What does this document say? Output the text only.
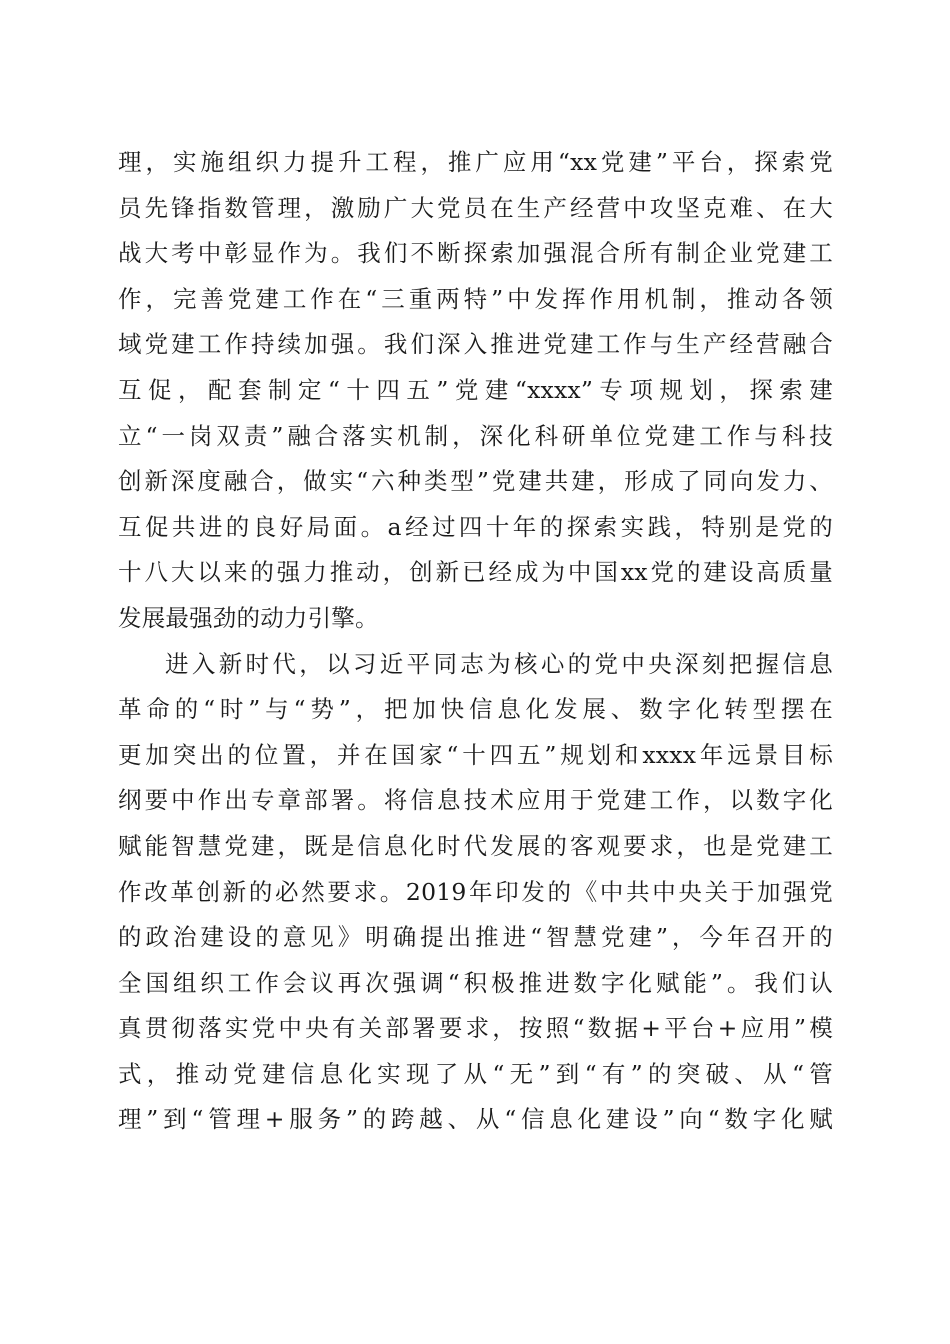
理，实施组织力提升工程，推广应用“xx党建”平台，探索党
员先锋指数管理，激励广大党员在生产经营中攻坚克难、在大
战大考中彰显作为。我们不断探索加强混合所有制企业党建工
作，完善党建工作在“三重两特”中发挥作用机制，推动各领
域党建工作持续加强。我们深入推进党建工作与生产经营融合
互促，配套制定“十四五”党建“xxxx”专项规划，探索建
立“一岗双责”融合落实机制，深化科研单位党建工作与科技
创新深度融合，做实“六种类型”党建共建，形成了同向发力、
互促共进的良好局面。a经过四十年的探索实践，特别是党的
十八大以来的强力推动，创新已经成为中国xx党的建设高质量
发展最强劲的动力引擎。
进入新时代，以习近平同志为核心的党中央深刻把握信息
革命的“时”与“势”，把加快信息化发展、数字化转型摆在
更加突出的位置，并在国家“十四五”规划和xxxx年远景目标
纲要中作出专章部署。将信息技术应用于党建工作，以数字化
赋能智慧党建，既是信息化时代发展的客观要求，也是党建工
作改革创新的必然要求。2019年印发的《中共中央关于加强党
的政治建设的意见》明确提出推进“智慧党建”，今年召开的
全国组织工作会议再次强调“积极推进数字化赋能”。我们认
真贯彻落实党中央有关部署要求，按照“数据+平台+应用”模
式，推动党建信息化实现了从“无”到“有”的突破、从“管
理”到“管理+服务”的跨越、从“信息化建设”向“数字化赋
